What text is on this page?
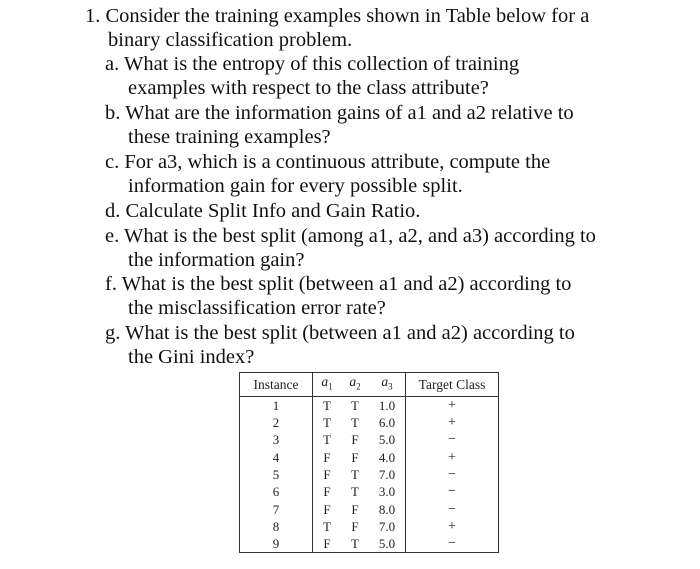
1. Consider the training examples shown in Table below for a
binary classification problem.
a. What is the entropy of this collection of training
examples with respect to the class attribute?
b. What are the information gains of a1 and a2 relative to
these training examples?
c. For a3, which is a continuous attribute, compute the
information gain for every possible split.
d. Calculate Split Info and Gain Ratio.
e. What is the best split (among a1, a2, and a3) according to
the information gain?
f. What is the best split (between a1 and a2) according to
the misclassification error rate?
g. What is the best split (between a1 and a2) according to
the Gini index?
Instance	$a_1$	$a_2$	$a_3$	Target Class
1	T	T	1.0	+
2	T	T	6.0	+
3	T	F	5.0	−
4	F	F	4.0	+
5	F	T	7.0	−
6	F	T	3.0	−
7	F	F	8.0	−
8	T	F	7.0	+
9	F	T	5.0	−
